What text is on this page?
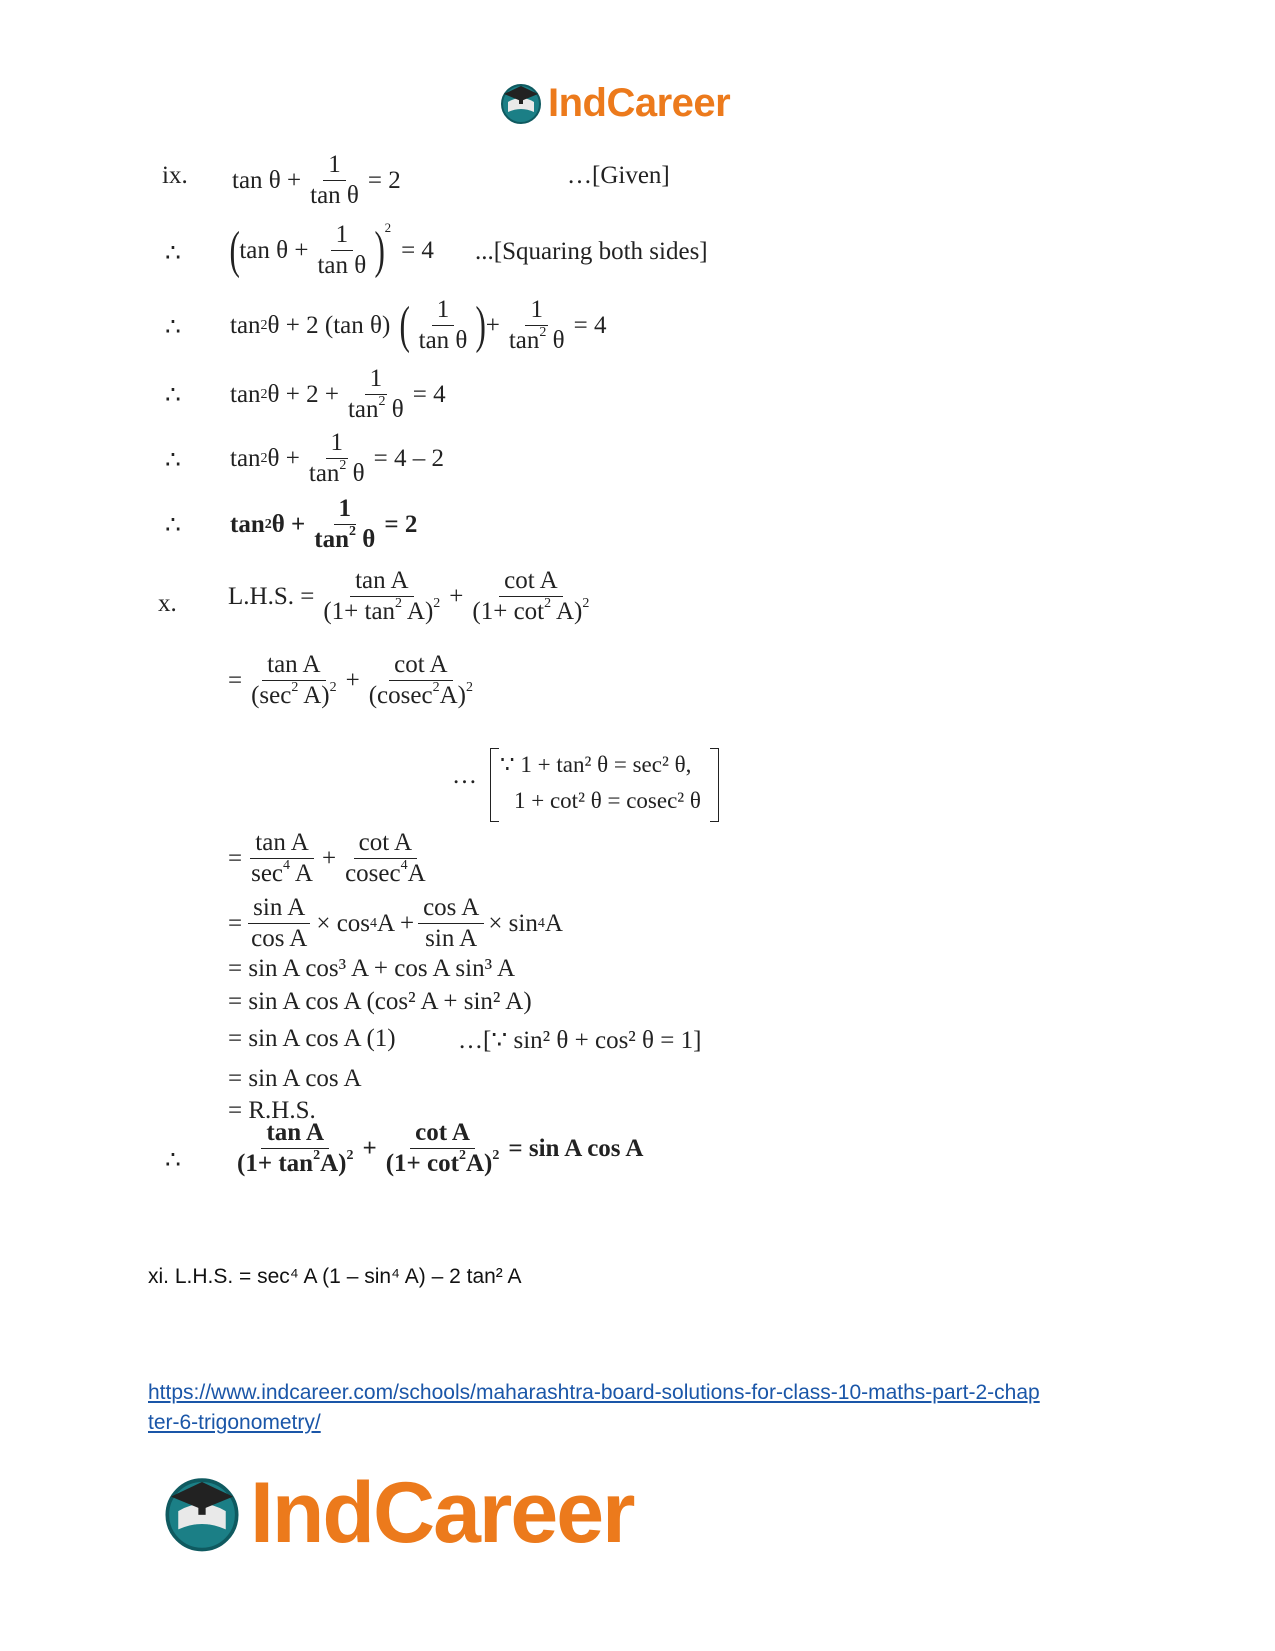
IndCareer
ix. $\tan \theta + \frac{1}{\text{tan θ}} = 2$	…[Given]
∴ ( $\tan \theta + \frac{1}{\text{tan θ}}$ ) 2
= 4 ...[Squaring both sides]
∴ tan 2 θ + 2 (tan θ) ( $\frac{1}{\text{tan θ}}$ ) + $\frac{1}{\tan^2 \theta} = 4$
∴ tan 2 $\theta + 2 + \frac{1}{\tan^2 \theta} = 4$
∴ tan 2 $\theta + \frac{1}{\tan^2 \theta} = 4 - 2$
∴ tan 2 $\theta + \frac{1}{\tan^2 \theta} = 2$
x. L.H.S. = $\frac{\text{tan A}}{(1+ \tan^2 A)^2} + \frac{\text{cot A}}{(1+ \cot^2 A)^2}$
= $\frac{\text{tan A}}{(\sec^2 A)^2} + \frac{\text{cot A}}{(cosec^2A)^2}$
… ∵ 1 + tan² θ = sec² θ,
1 + cot² θ = cosec² θ
= $\frac{\text{tan A}}{\sec^4 A} + \frac{\text{cot A}}{cosec^4A}$
= $\frac{\text{sin A}}{\text{cos A}} \times \cos 4$ $A + \frac{\text{cos A}}{\text{sin A}} \times \sin 4$ A
= sin A cos³ A + cos A sin³ A
= sin A cos A (cos² A + sin² A)
= sin A cos A (1) …[∵ sin² θ + cos² θ = 1]
= sin A cos A
= R.H.S.
∴ $\frac{\text{tan A}}{(1+ \tan^2A)^2} + \frac{\text{cot A}}{(1+ \cot^2A)^2} = \sin A$ cos A
xi. L.H.S. = sec⁴ A (1 – sin⁴ A) – 2 tan² A
https://www.indcareer.com/schools/maharashtra-board-solutions-for-class-10-maths-part-2-chap
ter-6-trigonometry/
IndCareer
